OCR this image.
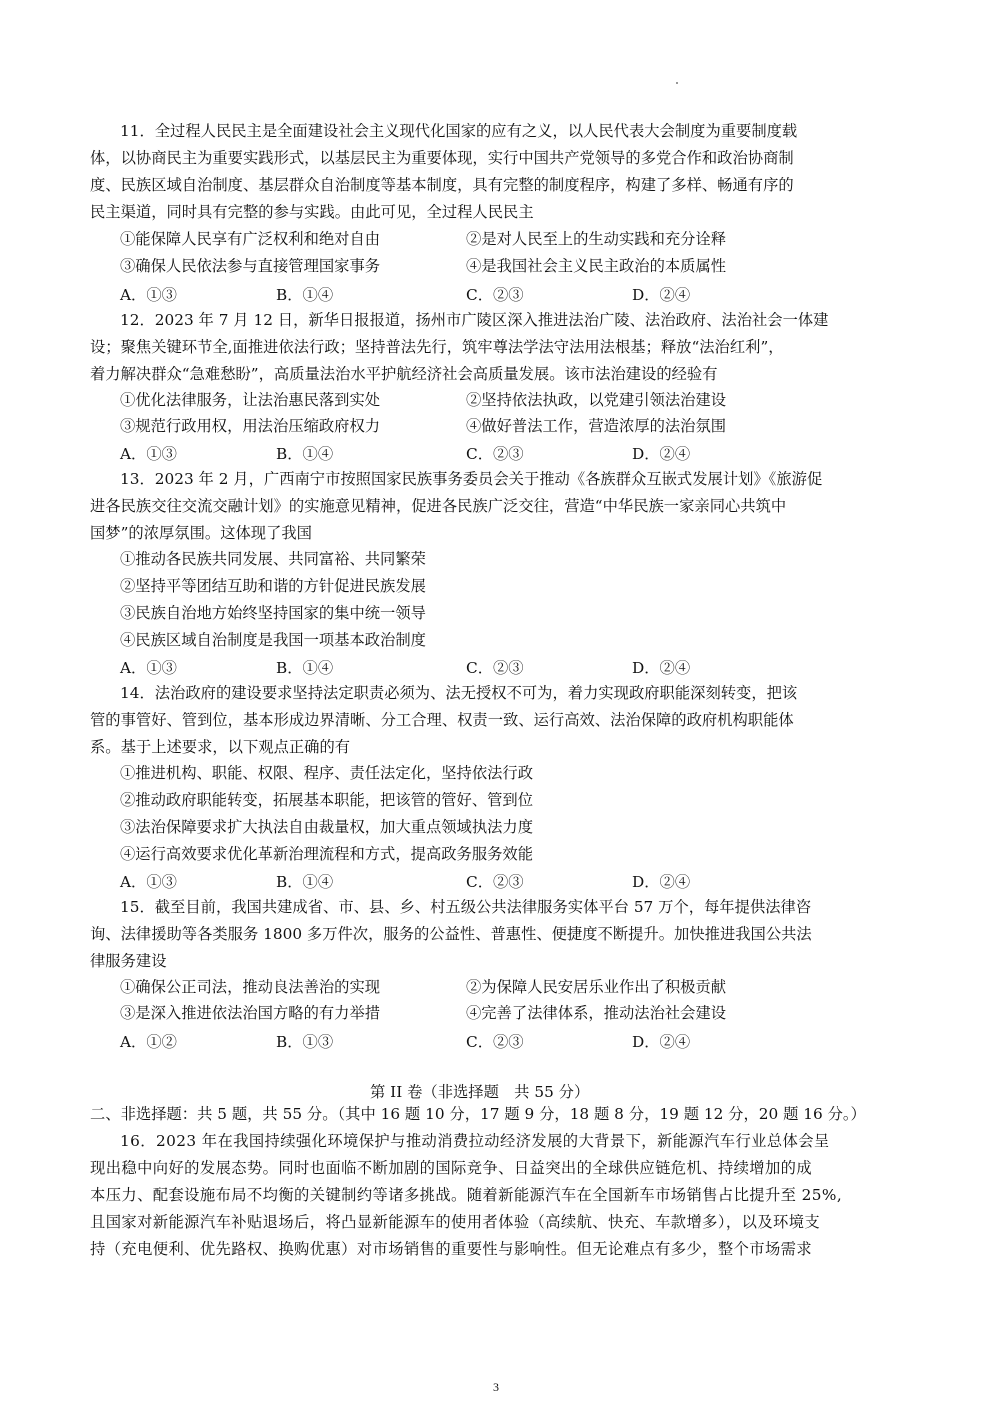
11．全过程人民民主是全面建设社会主义现代化国家的应有之义，以人民代表大会制度为重要制度载
体，以协商民主为重要实践形式，以基层民主为重要体现，实行中国共产党领导的多党合作和政治协商制
度、民族区域自治制度、基层群众自治制度等基本制度，具有完整的制度程序，构建了多样、畅通有序的
民主渠道，同时具有完整的参与实践。由此可见，全过程人民民主
①能保障人民享有广泛权利和绝对自由	②是对人民至上的生动实践和充分诠释
③确保人民依法参与直接管理国家事务	④是我国社会主义民主政治的本质属性
A．①③	B．①④	C．②③	D．②④
12．2023 年 7 月 12 日，新华日报报道，扬州市广陵区深入推进法治广陵、法治政府、法治社会一体建
设；聚焦关键环节全,面推进依法行政；坚持普法先行，筑牢尊法学法守法用法根基；释放“法治红利”，
着力解决群众“急难愁盼”，高质量法治水平护航经济社会高质量发展。该市法治建设的经验有
①优化法律服务，让法治惠民落到实处	②坚持依法执政，以党建引领法治建设
③规范行政用权，用法治压缩政府权力	④做好普法工作，营造浓厚的法治氛围
A．①③	B．①④	C．②③	D．②④
13．2023 年 2 月，广西南宁市按照国家民族事务委员会关于推动《各族群众互嵌式发展计划》《旅游促
进各民族交往交流交融计划》的实施意见精神，促进各民族广泛交往，营造“中华民族一家亲同心共筑中
国梦”的浓厚氛围。这体现了我国
①推动各民族共同发展、共同富裕、共同繁荣
②坚持平等团结互助和谐的方针促进民族发展
③民族自治地方始终坚持国家的集中统一领导
④民族区域自治制度是我国一项基本政治制度
A．①③	B．①④	C．②③	D．②④
14．法治政府的建设要求坚持法定职责必须为、法无授权不可为，着力实现政府职能深刻转变，把该
管的事管好、管到位，基本形成边界清晰、分工合理、权责一致、运行高效、法治保障的政府机构职能体
系。基于上述要求，以下观点正确的有
①推进机构、职能、权限、程序、责任法定化，坚持依法行政
②推动政府职能转变，拓展基本职能，把该管的管好、管到位
③法治保障要求扩大执法自由裁量权，加大重点领域执法力度
④运行高效要求优化革新治理流程和方式，提高政务服务效能
A．①③	B．①④	C．②③	D．②④
15．截至目前，我国共建成省、市、县、乡、村五级公共法律服务实体平台 57 万个，每年提供法律咨
询、法律援助等各类服务 1800 多万件次，服务的公益性、普惠性、便捷度不断提升。加快推进我国公共法
律服务建设
①确保公正司法，推动良法善治的实现	②为保障人民安居乐业作出了积极贡献
③是深入推进依法治国方略的有力举措	④完善了法律体系，推动法治社会建设
A．①②	B．①③	C．②③	D．②④
第 II 卷（非选择题　共 55 分）
二、非选择题：共 5 题，共 55 分。（其中 16 题 10 分，17 题 9 分，18 题 8 分，19 题 12 分，20 题 16 分。）
16．2023 年在我国持续强化环境保护与推动消费拉动经济发展的大背景下，新能源汽车行业总体会呈
现出稳中向好的发展态势。同时也面临不断加剧的国际竞争、日益突出的全球供应链危机、持续增加的成
本压力、配套设施布局不均衡的关键制约等诸多挑战。随着新能源汽车在全国新车市场销售占比提升至 25%,
且国家对新能源汽车补贴退场后，将凸显新能源车的使用者体验（高续航、快充、车款增多），以及环境支
持（充电便利、优先路权、换购优惠）对市场销售的重要性与影响性。但无论难点有多少，整个市场需求
3
